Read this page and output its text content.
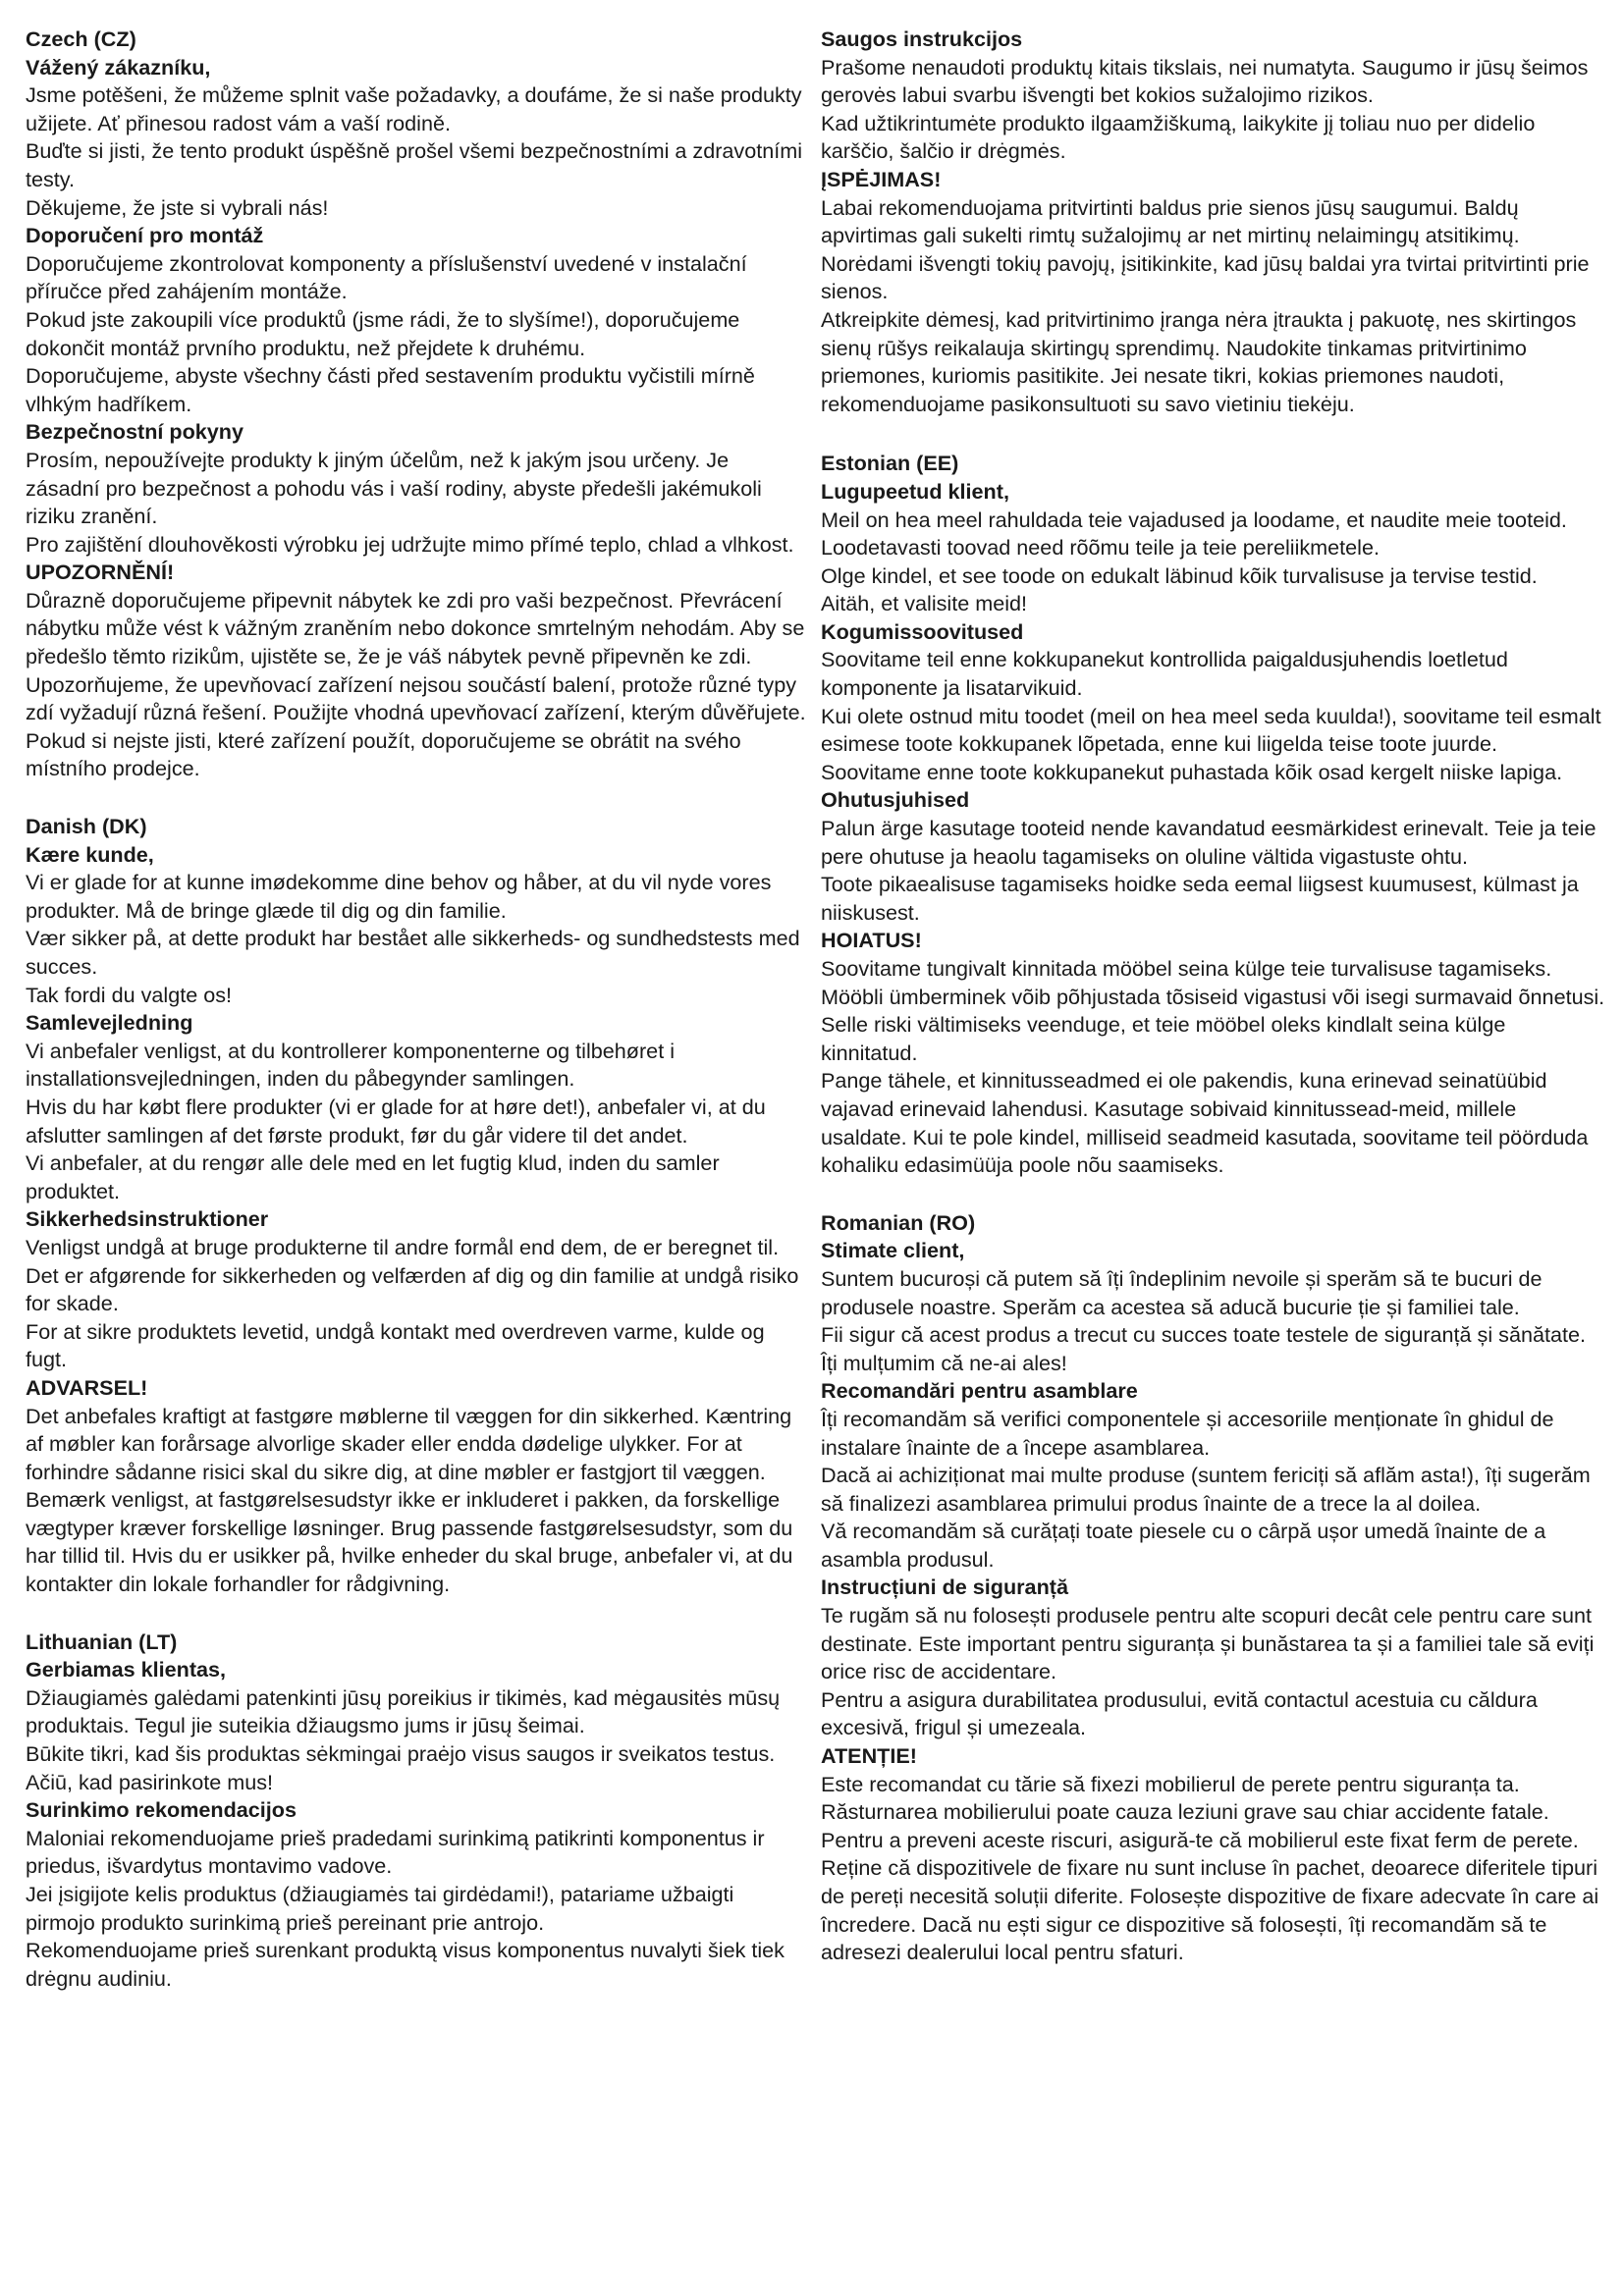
Czech (CZ)
Vážený zákazníku,
Jsme potěšeni, že můžeme splnit vaše požadavky, a doufáme, že si naše produkty užijete. Ať přinesou radost vám a vaší rodině.
Buďte si jisti, že tento produkt úspěšně prošel všemi bezpečnostními a zdravotními testy.
Děkujeme, že jste si vybrali nás!
Doporučení pro montáž
Doporučujeme zkontrolovat komponenty a příslušenství uvedené v instalační příručce před zahájením montáže.
Pokud jste zakoupili více produktů (jsme rádi, že to slyšíme!), doporučujeme dokončit montáž prvního produktu, než přejdete k druhému.
Doporučujeme, abyste všechny části před sestavením produktu vyčistili mírně vlhkým hadříkem.
Bezpečnostní pokyny
Prosím, nepoužívejte produkty k jiným účelům, než k jakým jsou určeny. Je zásadní pro bezpečnost a pohodu vás i vaší rodiny, abyste předešli jakémukoli riziku zranění.
Pro zajištění dlouhověkosti výrobku jej udržujte mimo přímé teplo, chlad a vlhkost.
UPOZORNĚNÍ!
Důrazně doporučujeme připevnit nábytek ke zdi pro vaši bezpečnost. Převrácení nábytku může vést k vážným zraněním nebo dokonce smrtelným nehodám. Aby se předešlo těmto rizikům, ujistěte se, že je váš nábytek pevně připevněn ke zdi.
Upozorňujeme, že upevňovací zařízení nejsou součástí balení, protože různé typy zdí vyžadují různá řešení. Použijte vhodná upevňovací zařízení, kterým důvěřujete. Pokud si nejste jisti, které zařízení použít, doporučujeme se obrátit na svého místního prodejce.
Danish (DK)
Kære kunde,
Vi er glade for at kunne imødekomme dine behov og håber, at du vil nyde vores produkter. Må de bringe glæde til dig og din familie.
Vær sikker på, at dette produkt har bestået alle sikkerheds- og sundhedstests med succes.
Tak fordi du valgte os!
Samlevejledning
Vi anbefaler venligst, at du kontrollerer komponenterne og tilbehøret i installationsvejledningen, inden du påbegynder samlingen.
Hvis du har købt flere produkter (vi er glade for at høre det!), anbefaler vi, at du afslutter samlingen af det første produkt, før du går videre til det andet.
Vi anbefaler, at du rengør alle dele med en let fugtig klud, inden du samler produktet.
Sikkerhedsinstruktioner
Venligst undgå at bruge produkterne til andre formål end dem, de er beregnet til.
Det er afgørende for sikkerheden og velfærden af dig og din familie at undgå risiko for skade.
For at sikre produktets levetid, undgå kontakt med overdreven varme, kulde og fugt.
ADVARSEL!
Det anbefales kraftigt at fastgøre møblerne til væggen for din sikkerhed. Kæntring af møbler kan forårsage alvorlige skader eller endda dødelige ulykker. For at forhindre sådanne risici skal du sikre dig, at dine møbler er fastgjort til væggen.
Bemærk venligst, at fastgørelsesudstyr ikke er inkluderet i pakken, da forskellige vægtyper kræver forskellige løsninger. Brug passende fastgørelsesudstyr, som du har tillid til. Hvis du er usikker på, hvilke enheder du skal bruge, anbefaler vi, at du kontakter din lokale forhandler for rådgivning.
Lithuanian (LT)
Gerbiamas klientas,
Džiaugiamės galėdami patenkinti jūsų poreikius ir tikimės, kad mėgausitės mūsų produktais. Tegul jie suteikia džiaugsmo jums ir jūsų šeimai.
Būkite tikri, kad šis produktas sėkmingai praėjo visus saugos ir sveikatos testus.
Ačiū, kad pasirinkote mus!
Surinkimo rekomendacijos
Maloniai rekomenduojame prieš pradedami surinkimą patikrinti komponentus ir priedus, išvardytus montavimo vadove.
Jei įsigijote kelis produktus (džiaugiamės tai girdėdami!), patariame užbaigti pirmojo produkto surinkimą prieš pereinant prie antrojo.
Rekomenduojame prieš surenkant produktą visus komponentus nuvalyti šiek tiek drėgnu audiniu.
Saugos instrukcijos
Prašome nenaudoti produktų kitais tikslais, nei numatyta. Saugumo ir jūsų šeimos gerovės labui svarbu išvengti bet kokios sužalojimo rizikos.
Kad užtikrintumėte produkto ilgaamžiškumą, laikykite jį toliau nuo per didelio karščio, šalčio ir drėgmės.
ĮSPĖJIMAS!
Labai rekomenduojama pritvirtinti baldus prie sienos jūsų saugumui. Baldų apvirtimas gali sukelti rimtų sužalojimų ar net mirtinų nelaimingų atsitikimų. Norėdami išvengti tokių pavojų, įsitikinkite, kad jūsų baldai yra tvirtai pritvirtinti prie sienos.
Atkreipkite dėmesį, kad pritvirtinimo įranga nėra įtraukta į pakuotę, nes skirtingos sienų rūšys reikalauja skirtingų sprendimų. Naudokite tinkamas pritvirtinimo priemones, kuriomis pasitikite. Jei nesate tikri, kokias priemones naudoti, rekomenduojame pasikonsultuoti su savo vietiniu tiekėju.
Estonian (EE)
Lugupeetud klient,
Meil on hea meel rahuldada teie vajadused ja loodame, et naudite meie tooteid. Loodetavasti toovad need rõõmu teile ja teie pereliikmetele.
Olge kindel, et see toode on edukalt läbinud kõik turvalisuse ja tervise testid.
Aitäh, et valisite meid!
Kogumissoovitused
Soovitame teil enne kokkupanekut kontrollida paigaldusjuhendis loetletud komponente ja lisatarvikuid.
Kui olete ostnud mitu toodet (meil on hea meel seda kuulda!), soovitame teil esmalt esimese toote kokkupanek lõpetada, enne kui liigelda teise toote juurde.
Soovitame enne toote kokkupanekut puhastada kõik osad kergelt niiske lapiga.
Ohutusjuhised
Palun ärge kasutage tooteid nende kavandatud eesmärkidest erinevalt. Teie ja teie pere ohutuse ja heaolu tagamiseks on oluline vältida vigastuste ohtu.
Toote pikaealisuse tagamiseks hoidke seda eemal liigsest kuumusest, külmast ja niiskusest.
HOIATUS!
Soovitame tungivalt kinnitada mööbel seina külge teie turvalisuse tagamiseks. Mööbli ümberminek võib põhjustada tõsiseid vigastusi või isegi surmavaid õnnetusi. Selle riski vältimiseks veenduge, et teie mööbel oleks kindlalt seina külge kinnitatud.
Pange tähele, et kinnitusseadmed ei ole pakendis, kuna erinevad seinatüübid vajavad erinevaid lahendusi. Kasutage sobivaid kinnitussead-meid, millele usaldate. Kui te pole kindel, milliseid seadmeid kasutada, soovitame teil pöörduda kohaliku edasimüüja poole nõu saamiseks.
Romanian (RO)
Stimate client,
Suntem bucuroși că putem să îți îndeplinim nevoile și sperăm să te bucuri de produsele noastre. Sperăm ca acestea să aducă bucurie ție și familiei tale.
Fii sigur că acest produs a trecut cu succes toate testele de siguranță și sănătate.
Îți mulțumim că ne-ai ales!
Recomandări pentru asamblare
Îți recomandăm să verifici componentele și accesoriile menționate în ghidul de instalare înainte de a începe asamblarea.
Dacă ai achiziționat mai multe produse (suntem fericiți să aflăm asta!), îți sugerăm să finalizezi asamblarea primului produs înainte de a trece la al doilea.
Vă recomandăm să curățați toate piesele cu o cârpă ușor umedă înainte de a asambla produsul.
Instrucțiuni de siguranță
Te rugăm să nu folosești produsele pentru alte scopuri decât cele pentru care sunt destinate. Este important pentru siguranța și bunăstarea ta și a familiei tale să eviți orice risc de accidentare.
Pentru a asigura durabilitatea produsului, evită contactul acestuia cu căldura excesivă, frigul și umezeala.
ATENȚIE!
Este recomandat cu tărie să fixezi mobilierul de perete pentru siguranța ta. Răsturnarea mobilierului poate cauza leziuni grave sau chiar accidente fatale. Pentru a preveni aceste riscuri, asigură-te că mobilierul este fixat ferm de perete.
Reține că dispozitivele de fixare nu sunt incluse în pachet, deoarece diferitele tipuri de pereți necesită soluții diferite. Folosește dispozitive de fixare adecvate în care ai încredere. Dacă nu ești sigur ce dispozitive să folosești, îți recomandăm să te adresezi dealerului local pentru sfaturi.
